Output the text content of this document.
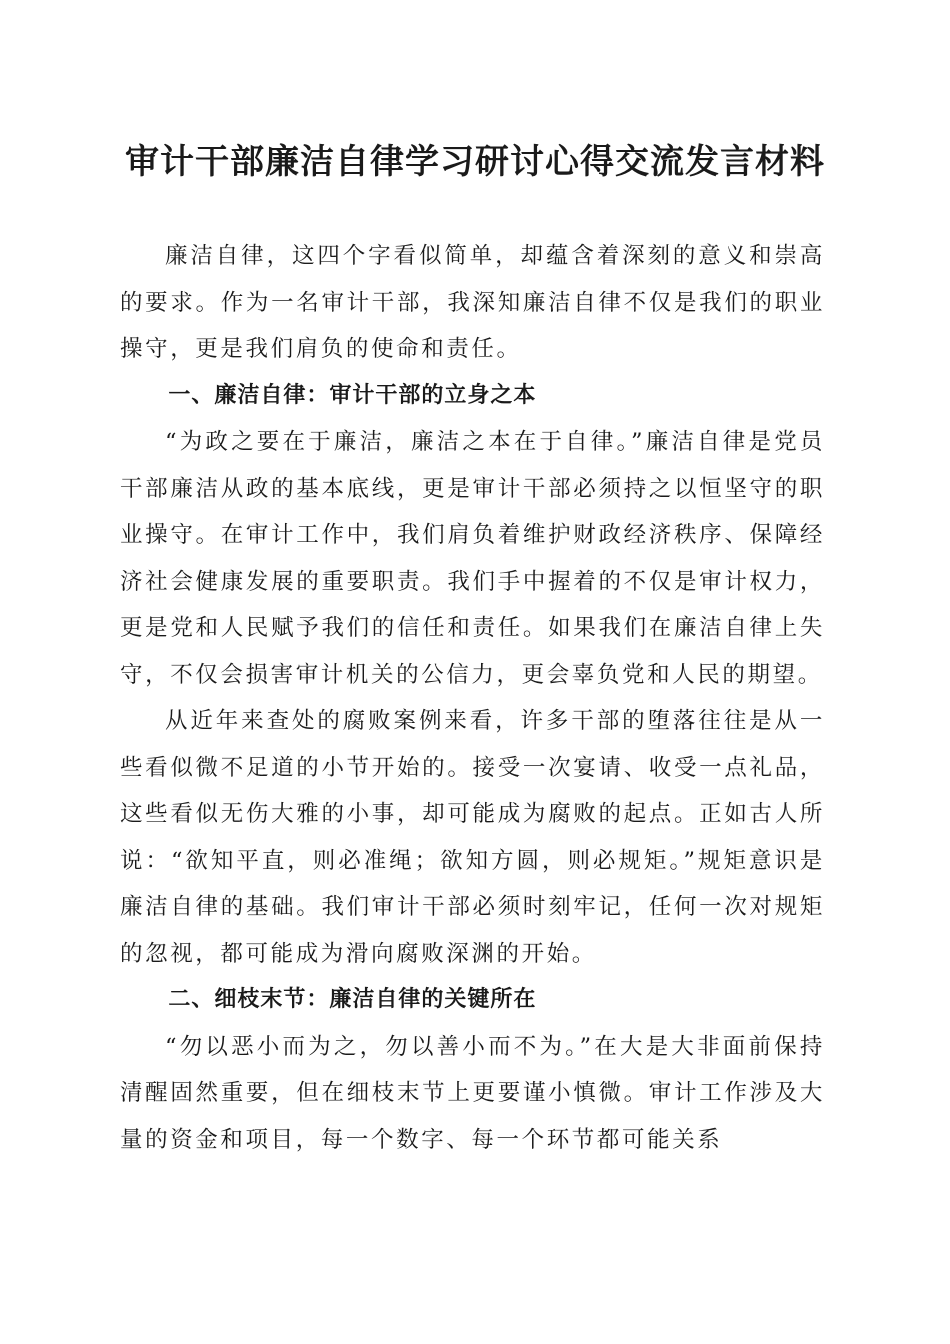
审计干部廉洁自律学习研讨心得交流发言材料

廉洁自律，这四个字看似简单，却蕴含着深刻的意义和崇高的要求。作为一名审计干部，我深知廉洁自律不仅是我们的职业操守，更是我们肩负的使命和责任。

一、廉洁自律：审计干部的立身之本

“为政之要在于廉洁，廉洁之本在于自律。”廉洁自律是党员干部廉洁从政的基本底线，更是审计干部必须持之以恒坚守的职业操守。在审计工作中，我们肩负着维护财政经济秩序、保障经济社会健康发展的重要职责。我们手中握着的不仅是审计权力，更是党和人民赋予我们的信任和责任。如果我们在廉洁自律上失守，不仅会损害审计机关的公信力，更会辜负党和人民的期望。

从近年来查处的腐败案例来看，许多干部的堕落往往是从一些看似微不足道的小节开始的。接受一次宴请、收受一点礼品，这些看似无伤大雅的小事，却可能成为腐败的起点。正如古人所说：“欲知平直，则必准绳；欲知方圆，则必规矩。”规矩意识是廉洁自律的基础。我们审计干部必须时刻牢记，任何一次对规矩的忽视，都可能成为滑向腐败深渊的开始。

二、细枝末节：廉洁自律的关键所在

“勿以恶小而为之，勿以善小而不为。”在大是大非面前保持清醒固然重要，但在细枝末节上更要谨小慎微。审计工作涉及大量的资金和项目，每一个数字、每一个环节都可能关系
